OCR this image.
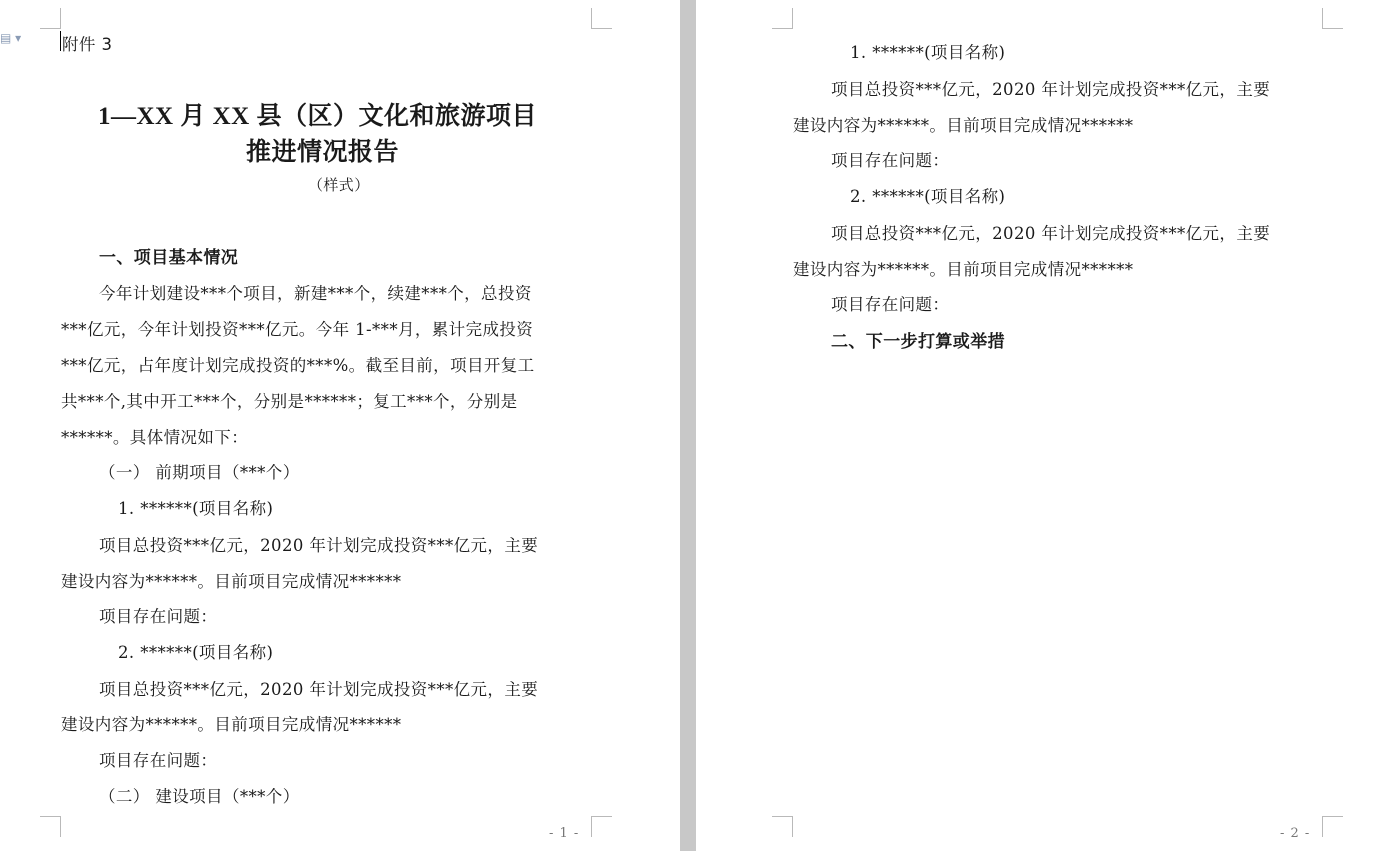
▤ ▾ 附件 3
1—XX 月 XX 县（区）文化和旅游项目
推进情况报告
（样式）
一、项目基本情况
今年计划建设***个项目，新建***个，续建***个，总投资
***亿元，今年计划投资***亿元。今年 1-***月，累计完成投资
***亿元，占年度计划完成投资的***%。截至目前，项目开复工
共***个,其中开工***个，分别是******；复工***个，分别是
******。具体情况如下：
（一） 前期项目（***个）
1. ******(项目名称)
项目总投资***亿元，2020 年计划完成投资***亿元，主要
建设内容为******。目前项目完成情况******
项目存在问题：
2. ******(项目名称)
项目总投资***亿元，2020 年计划完成投资***亿元，主要
建设内容为******。目前项目完成情况******
项目存在问题：
（二） 建设项目（***个）
- 1 -
1. ******(项目名称)
项目总投资***亿元，2020 年计划完成投资***亿元，主要
建设内容为******。目前项目完成情况******
项目存在问题：
2. ******(项目名称)
项目总投资***亿元，2020 年计划完成投资***亿元，主要
建设内容为******。目前项目完成情况******
项目存在问题：
二、下一步打算或举措
- 2 -
